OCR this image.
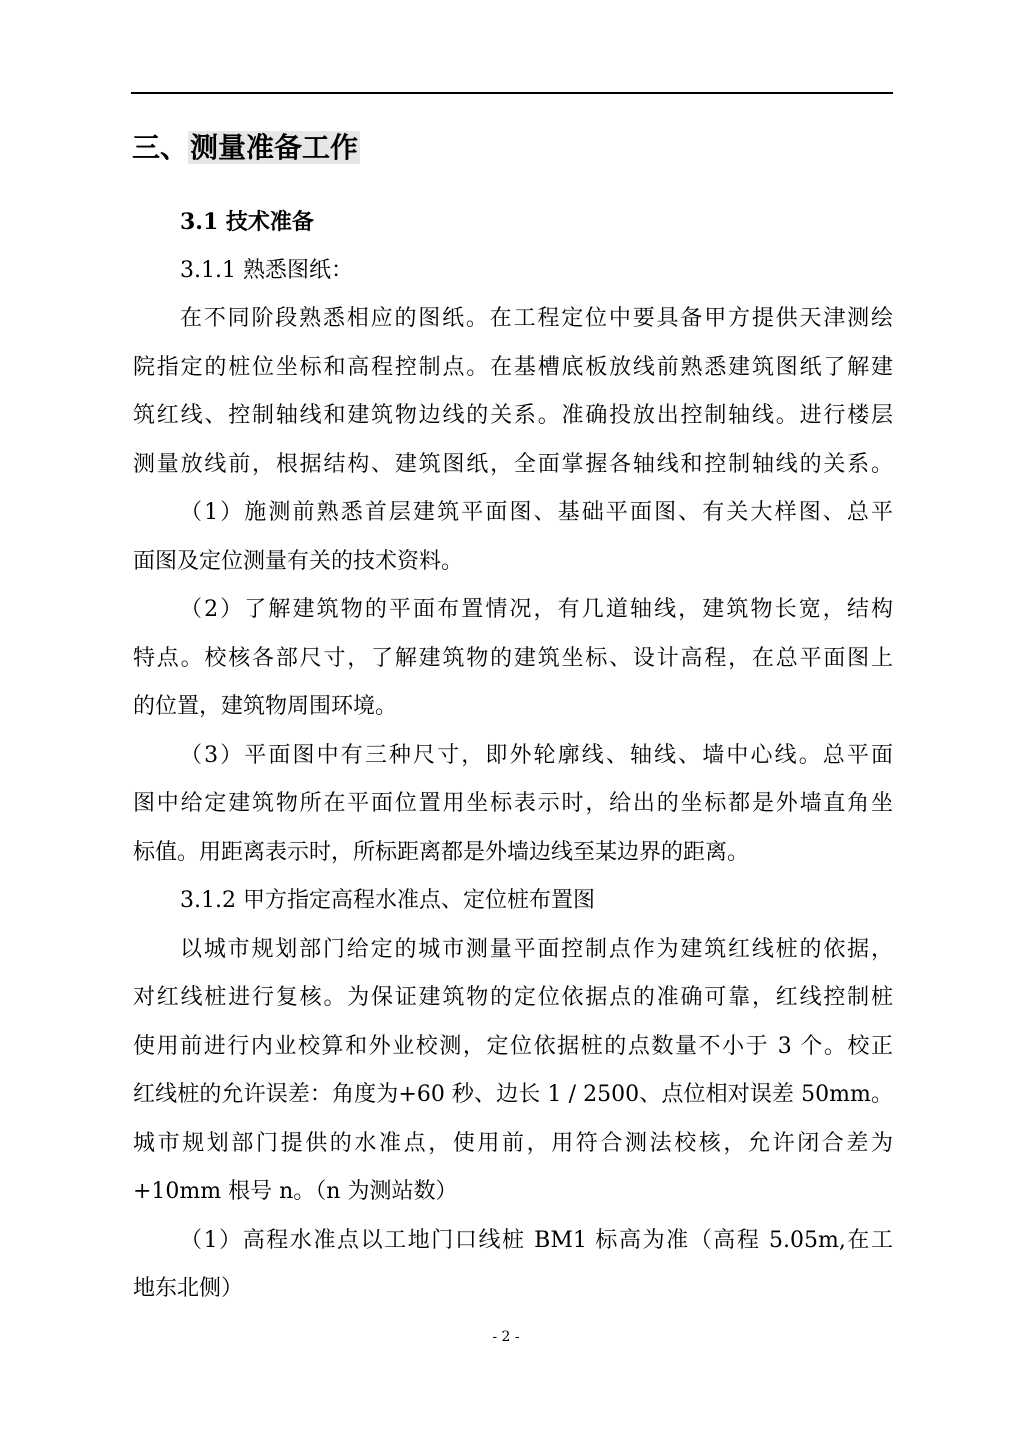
三、测量准备工作
3.1 技术准备
3.1.1 熟悉图纸：
在不同阶段熟悉相应的图纸。在工程定位中要具备甲方提供天津测绘
院指定的桩位坐标和高程控制点。在基槽底板放线前熟悉建筑图纸了解建
筑红线、控制轴线和建筑物边线的关系。准确投放出控制轴线。进行楼层
测量放线前，根据结构、建筑图纸，全面掌握各轴线和控制轴线的关系。
（1）施测前熟悉首层建筑平面图、基础平面图、有关大样图、总平
面图及定位测量有关的技术资料。
（2）了解建筑物的平面布置情况，有几道轴线，建筑物长宽，结构
特点。校核各部尺寸，了解建筑物的建筑坐标、设计高程，在总平面图上
的位置，建筑物周围环境。
（3）平面图中有三种尺寸，即外轮廓线、轴线、墙中心线。总平面
图中给定建筑物所在平面位置用坐标表示时，给出的坐标都是外墙直角坐
标值。用距离表示时，所标距离都是外墙边线至某边界的距离。
3.1.2 甲方指定高程水准点、定位桩布置图
以城市规划部门给定的城市测量平面控制点作为建筑红线桩的依据，
对红线桩进行复核。为保证建筑物的定位依据点的准确可靠，红线控制桩
使用前进行内业校算和外业校测，定位依据桩的点数量不小于 3 个。校正
红线桩的允许误差：角度为+60 秒、边长 1 / 2500、点位相对误差 50mm。
城市规划部门提供的水准点，使用前，用符合测法校核，允许闭合差为
+10mm 根号 n。（n 为测站数）
（1）高程水准点以工地门口线桩 BM1 标高为准（高程 5.05m,在工
地东北侧）
- 2 -
